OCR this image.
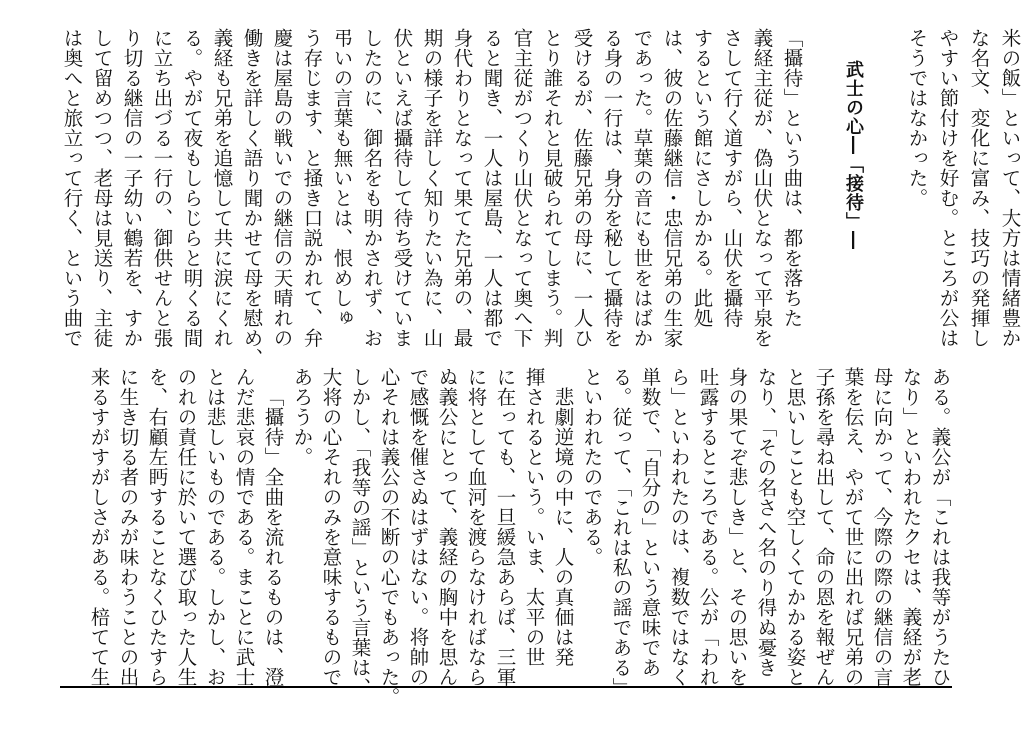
米の飯」といって、大方は情緒豊か
な名文、変化に富み、技巧の発揮し
やすい節付けを好む。ところが公は
そうではなかった。
武士の心―「接待」―
「攝待」という曲は、都を落ちた
義経主従が、偽山伏となって平泉を
さして行く道すがら、山伏を攝待
するという館にさしかかる。此処
は、彼の佐藤継信・忠信兄弟の生家
であった。草葉の音にも世をはばか
る身の一行は、身分を秘して攝待を
受けるが、佐藤兄弟の母に、一人ひ
とり誰それと見破られてしまう。判
官主従がつくり山伏となって奥へ下
ると聞き、一人は屋島、一人は都で
身代わりとなって果てた兄弟の、最
期の様子を詳しく知りたい為に、山
伏といえば攝待して待ち受けていま
したのに、御名をも明かされず、お
弔いの言葉も無いとは、恨めしゅ
う存じます、と掻き口説かれて、弁
慶は屋島の戦いでの継信の天晴れの
働きを詳しく語り聞かせて母を慰め、
義経も兄弟を追憶して共に涙にくれ
る。やがて夜もしらじらと明くる間
に立ち出づる一行の、御供せんと張
り切る継信の一子幼い鶴若を、すか
して留めつつ、老母は見送り、主徒
は奥へと旅立って行く、という曲で
ある。義公が「これは我等がうたひ
なり」といわれたクセは、義経が老
母に向かって、今際の際の継信の言
葉を伝え、やがて世に出れば兄弟の
子孫を尋ね出して、命の恩を報ぜん
と思いしことも空しくてかかる姿と
なり、「その名さへ名のり得ぬ憂き
身の果てぞ悲しき」と、その思いを
吐露するところである。公が「われ
ら」といわれたのは、複数ではなく
単数で、「自分の」という意味であ
る。従って、「これは私の謡である」
といわれたのである。
悲劇逆境の中に、人の真価は発
揮されるという。いま、太平の世
に在っても、一旦緩急あらば、三軍
に将として血河を渡らなければなら
ぬ義公にとって、義経の胸中を思ん
で感慨を催さぬはずはない。将帥の
心それは義公の不断の心でもあった。
しかし、「我等の謡」という言葉は、
大将の心それのみを意味するもので
あろうか。
「攝待」全曲を流れるものは、澄
んだ悲哀の情である。まことに武士
とは悲しいものである。しかし、お
のれの責任に於いて選び取った人生
を、右顧左眄することなくひたすら
に生き切る者のみが味わうことの出
来るすがすがしさがある。棓てて生
